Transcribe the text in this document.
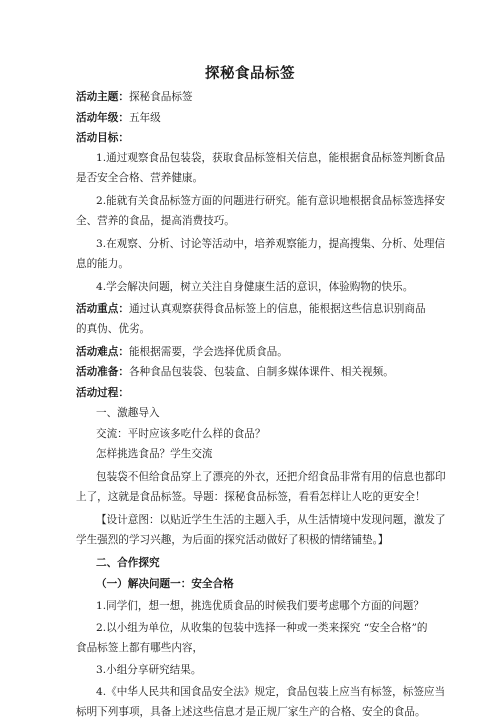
探秘食品标签
活动主题：探秘食品标签
活动年级：五年级
活动目标：
1.通过观察食品包装袋，获取食品标签相关信息，能根据食品标签判断食品
是否安全合格、营养健康。
2.能就有关食品标签方面的问题进行研究。能有意识地根据食品标签选择安
全、营养的食品，提高消费技巧。
3.在观察、分析、讨论等活动中，培养观察能力，提高搜集、分析、处理信
息的能力。
4.学会解决问题，树立关注自身健康生活的意识，体验购物的快乐。
活动重点：通过认真观察获得食品标签上的信息，能根据这些信息识别商品
的真伪、优劣。
活动难点：能根据需要，学会选择优质食品。
活动准备：各种食品包装袋、包装盒、自制多媒体课件、相关视频。
活动过程：
一、激趣导入
交流：平时应该多吃什么样的食品？
怎样挑选食品？学生交流
包装袋不但给食品穿上了漂亮的外衣，还把介绍食品非常有用的信息也都印
上了，这就是食品标签。导题：探秘食品标签，看看怎样让人吃的更安全！
【设计意图：以贴近学生生活的主题入手，从生活情境中发现问题，激发了
学生强烈的学习兴趣，为后面的探究活动做好了积极的情绪铺垫。】
二、合作探究
（一）解决问题一：安全合格
1.同学们，想一想，挑选优质食品的时候我们要考虑哪个方面的问题？
2.以小组为单位，从收集的包装中选择一种或一类来探究 “安全合格”的
食品标签上都有哪些内容，
3.小组分享研究结果。
4.《中华人民共和国食品安全法》规定，食品包装上应当有标签，标签应当
标明下列事项，具备上述这些信息才是正规厂家生产的合格、安全的食品。
